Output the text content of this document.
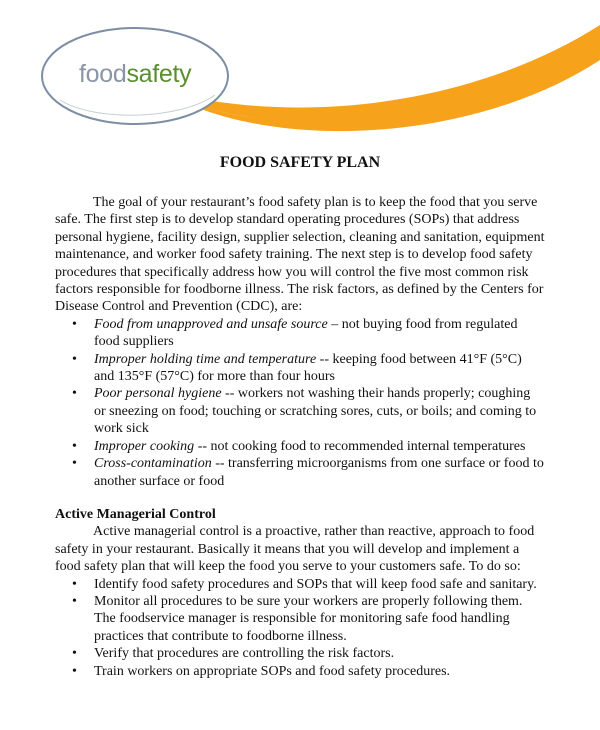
foodsafety
FOOD SAFETY PLAN

The goal of your restaurant’s food safety plan is to keep the food that you serve safe. The first step is to develop standard operating procedures (SOPs) that address personal hygiene, facility design, supplier selection, cleaning and sanitation, equipment maintenance, and worker food safety training. The next step is to develop food safety procedures that specifically address how you will control the five most common risk factors responsible for foodborne illness. The risk factors, as defined by the Centers for Disease Control and Prevention (CDC), are:

• Food from unapproved and unsafe source – not buying food from regulated food suppliers
• Improper holding time and temperature -- keeping food between 41°F (5°C) and 135°F (57°C) for more than four hours
• Poor personal hygiene -- workers not washing their hands properly; coughing or sneezing on food; touching or scratching sores, cuts, or boils; and coming to work sick
• Improper cooking -- not cooking food to recommended internal temperatures
• Cross-contamination -- transferring microorganisms from one surface or food to another surface or food

Active Managerial Control

Active managerial control is a proactive, rather than reactive, approach to food safety in your restaurant. Basically it means that you will develop and implement a food safety plan that will keep the food you serve to your customers safe. To do so:

• Identify food safety procedures and SOPs that will keep food safe and sanitary.
• Monitor all procedures to be sure your workers are properly following them. The foodservice manager is responsible for monitoring safe food handling practices that contribute to foodborne illness.
• Verify that procedures are controlling the risk factors.
• Train workers on appropriate SOPs and food safety procedures.
